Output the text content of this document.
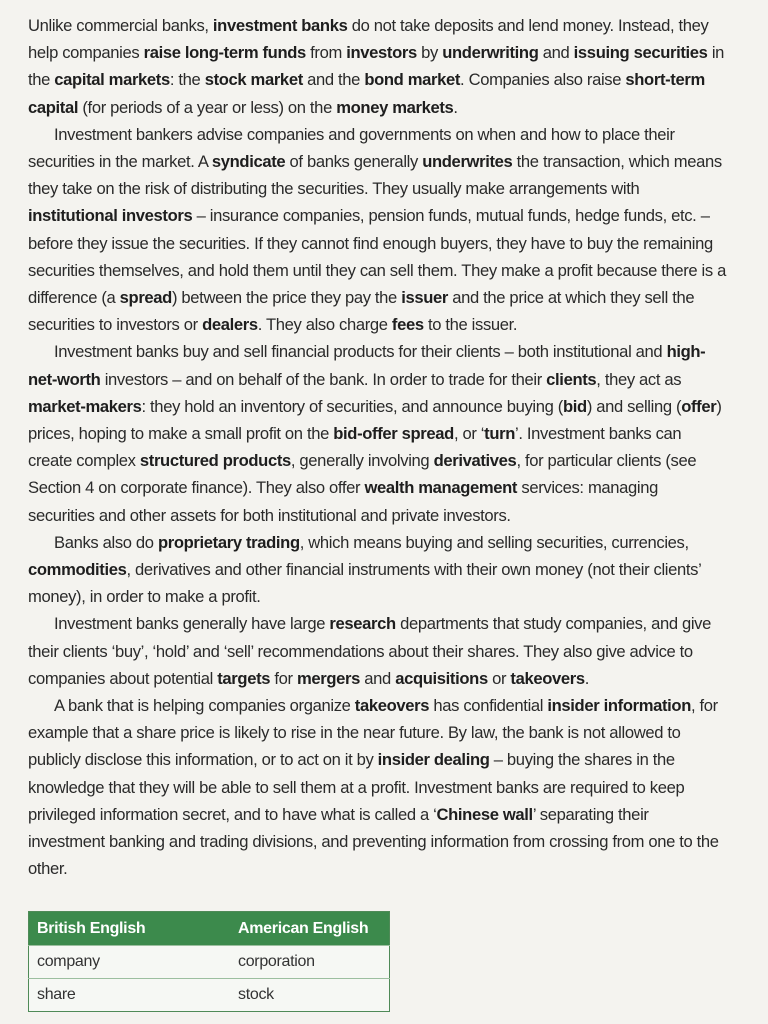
Unlike commercial banks, investment banks do not take deposits and lend money. Instead, they help companies raise long-term funds from investors by underwriting and issuing securities in the capital markets: the stock market and the bond market. Companies also raise short-term capital (for periods of a year or less) on the money markets.

Investment bankers advise companies and governments on when and how to place their securities in the market. A syndicate of banks generally underwrites the transaction, which means they take on the risk of distributing the securities. They usually make arrangements with institutional investors – insurance companies, pension funds, mutual funds, hedge funds, etc. – before they issue the securities. If they cannot find enough buyers, they have to buy the remaining securities themselves, and hold them until they can sell them. They make a profit because there is a difference (a spread) between the price they pay the issuer and the price at which they sell the securities to investors or dealers. They also charge fees to the issuer.

Investment banks buy and sell financial products for their clients – both institutional and high-net-worth investors – and on behalf of the bank. In order to trade for their clients, they act as market-makers: they hold an inventory of securities, and announce buying (bid) and selling (offer) prices, hoping to make a small profit on the bid-offer spread, or ‘turn’. Investment banks can create complex structured products, generally involving derivatives, for particular clients (see Section 4 on corporate finance). They also offer wealth management services: managing securities and other assets for both institutional and private investors.

Banks also do proprietary trading, which means buying and selling securities, currencies, commodities, derivatives and other financial instruments with their own money (not their clients’ money), in order to make a profit.

Investment banks generally have large research departments that study companies, and give their clients ‘buy’, ‘hold’ and ‘sell’ recommendations about their shares. They also give advice to companies about potential targets for mergers and acquisitions or takeovers.

A bank that is helping companies organize takeovers has confidential insider information, for example that a share price is likely to rise in the near future. By law, the bank is not allowed to publicly disclose this information, or to act on it by insider dealing – buying the shares in the knowledge that they will be able to sell them at a profit. Investment banks are required to keep privileged information secret, and to have what is called a ‘Chinese wall’ separating their investment banking and trading divisions, and preventing information from crossing from one to the other.

British English	American English
company	corporation
share	stock
